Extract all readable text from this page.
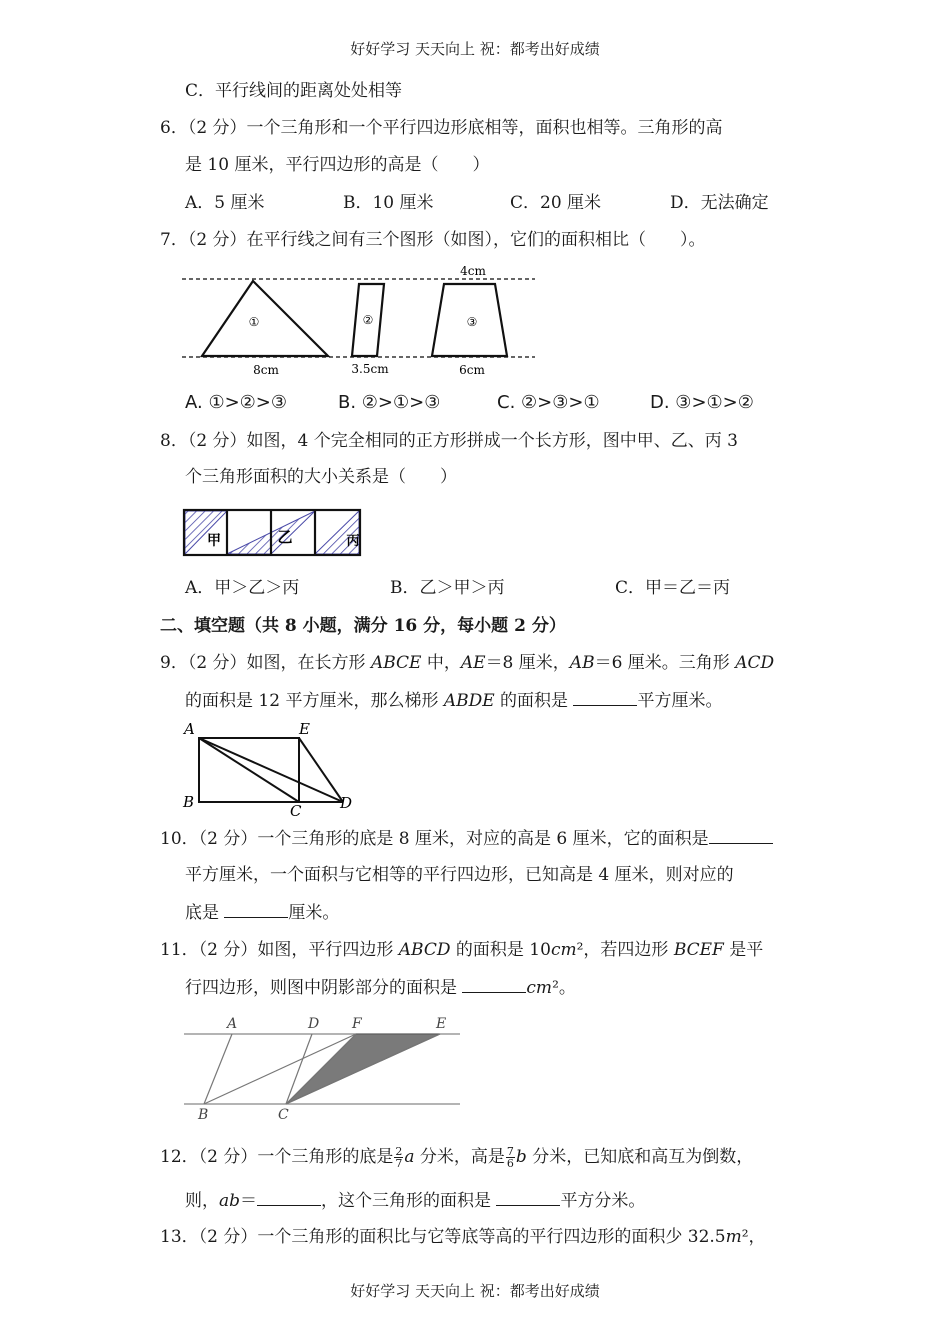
好好学习 天天向上 祝：都考出好成绩
C．平行线间的距离处处相等
6．（2 分）一个三角形和一个平行四边形底相等，面积也相等。三角形的高
是 10 厘米，平行四边形的高是（　　）
A．5 厘米	B．10 厘米	C．20 厘米	D．无法确定
7．（2 分）在平行线之间有三个图形（如图），它们的面积相比（　　）。
①	②	③
4cm
8cm	3.5cm	6cm
A. ①>②>③	B. ②>①>③	C. ②>③>①	D. ③>①>②
8．（2 分）如图，4 个完全相同的正方形拼成一个长方形，图中甲、乙、丙 3
个三角形面积的大小关系是（　　）
甲	乙	丙
A．甲＞乙＞丙	B．乙＞甲＞丙	C．甲＝乙＝丙
二、填空题（共 8 小题，满分 16 分，每小题 2 分）
9．（2 分）如图，在长方形 ABCE 中，AE＝8 厘米，AB＝6 厘米。三角形 ACD
的面积是 12 平方厘米，那么梯形 ABDE 的面积是	平方厘米。
A	E
B	C	D
10．（2 分）一个三角形的底是 8 厘米，对应的高是 6 厘米，它的面积是
平方厘米，一个面积与它相等的平行四边形，已知高是 4 厘米，则对应的
底是	厘米。
11．（2 分）如图，平行四边形 ABCD 的面积是 10cm²，若四边形 BCEF 是平
行四边形，则图中阴影部分的面积是	cm²。
A	D F	E
B	C
12．（2 分）一个三角形的底是 $\frac{2}{7}$ a 分米，高是 $\frac{7}{6}$ b 分米，已知底和高互为倒数，
则，ab＝	，这个三角形的面积是	平方分米。
13．（2 分）一个三角形的面积比与它等底等高的平行四边形的面积少 32.5m²，
好好学习 天天向上 祝：都考出好成绩
